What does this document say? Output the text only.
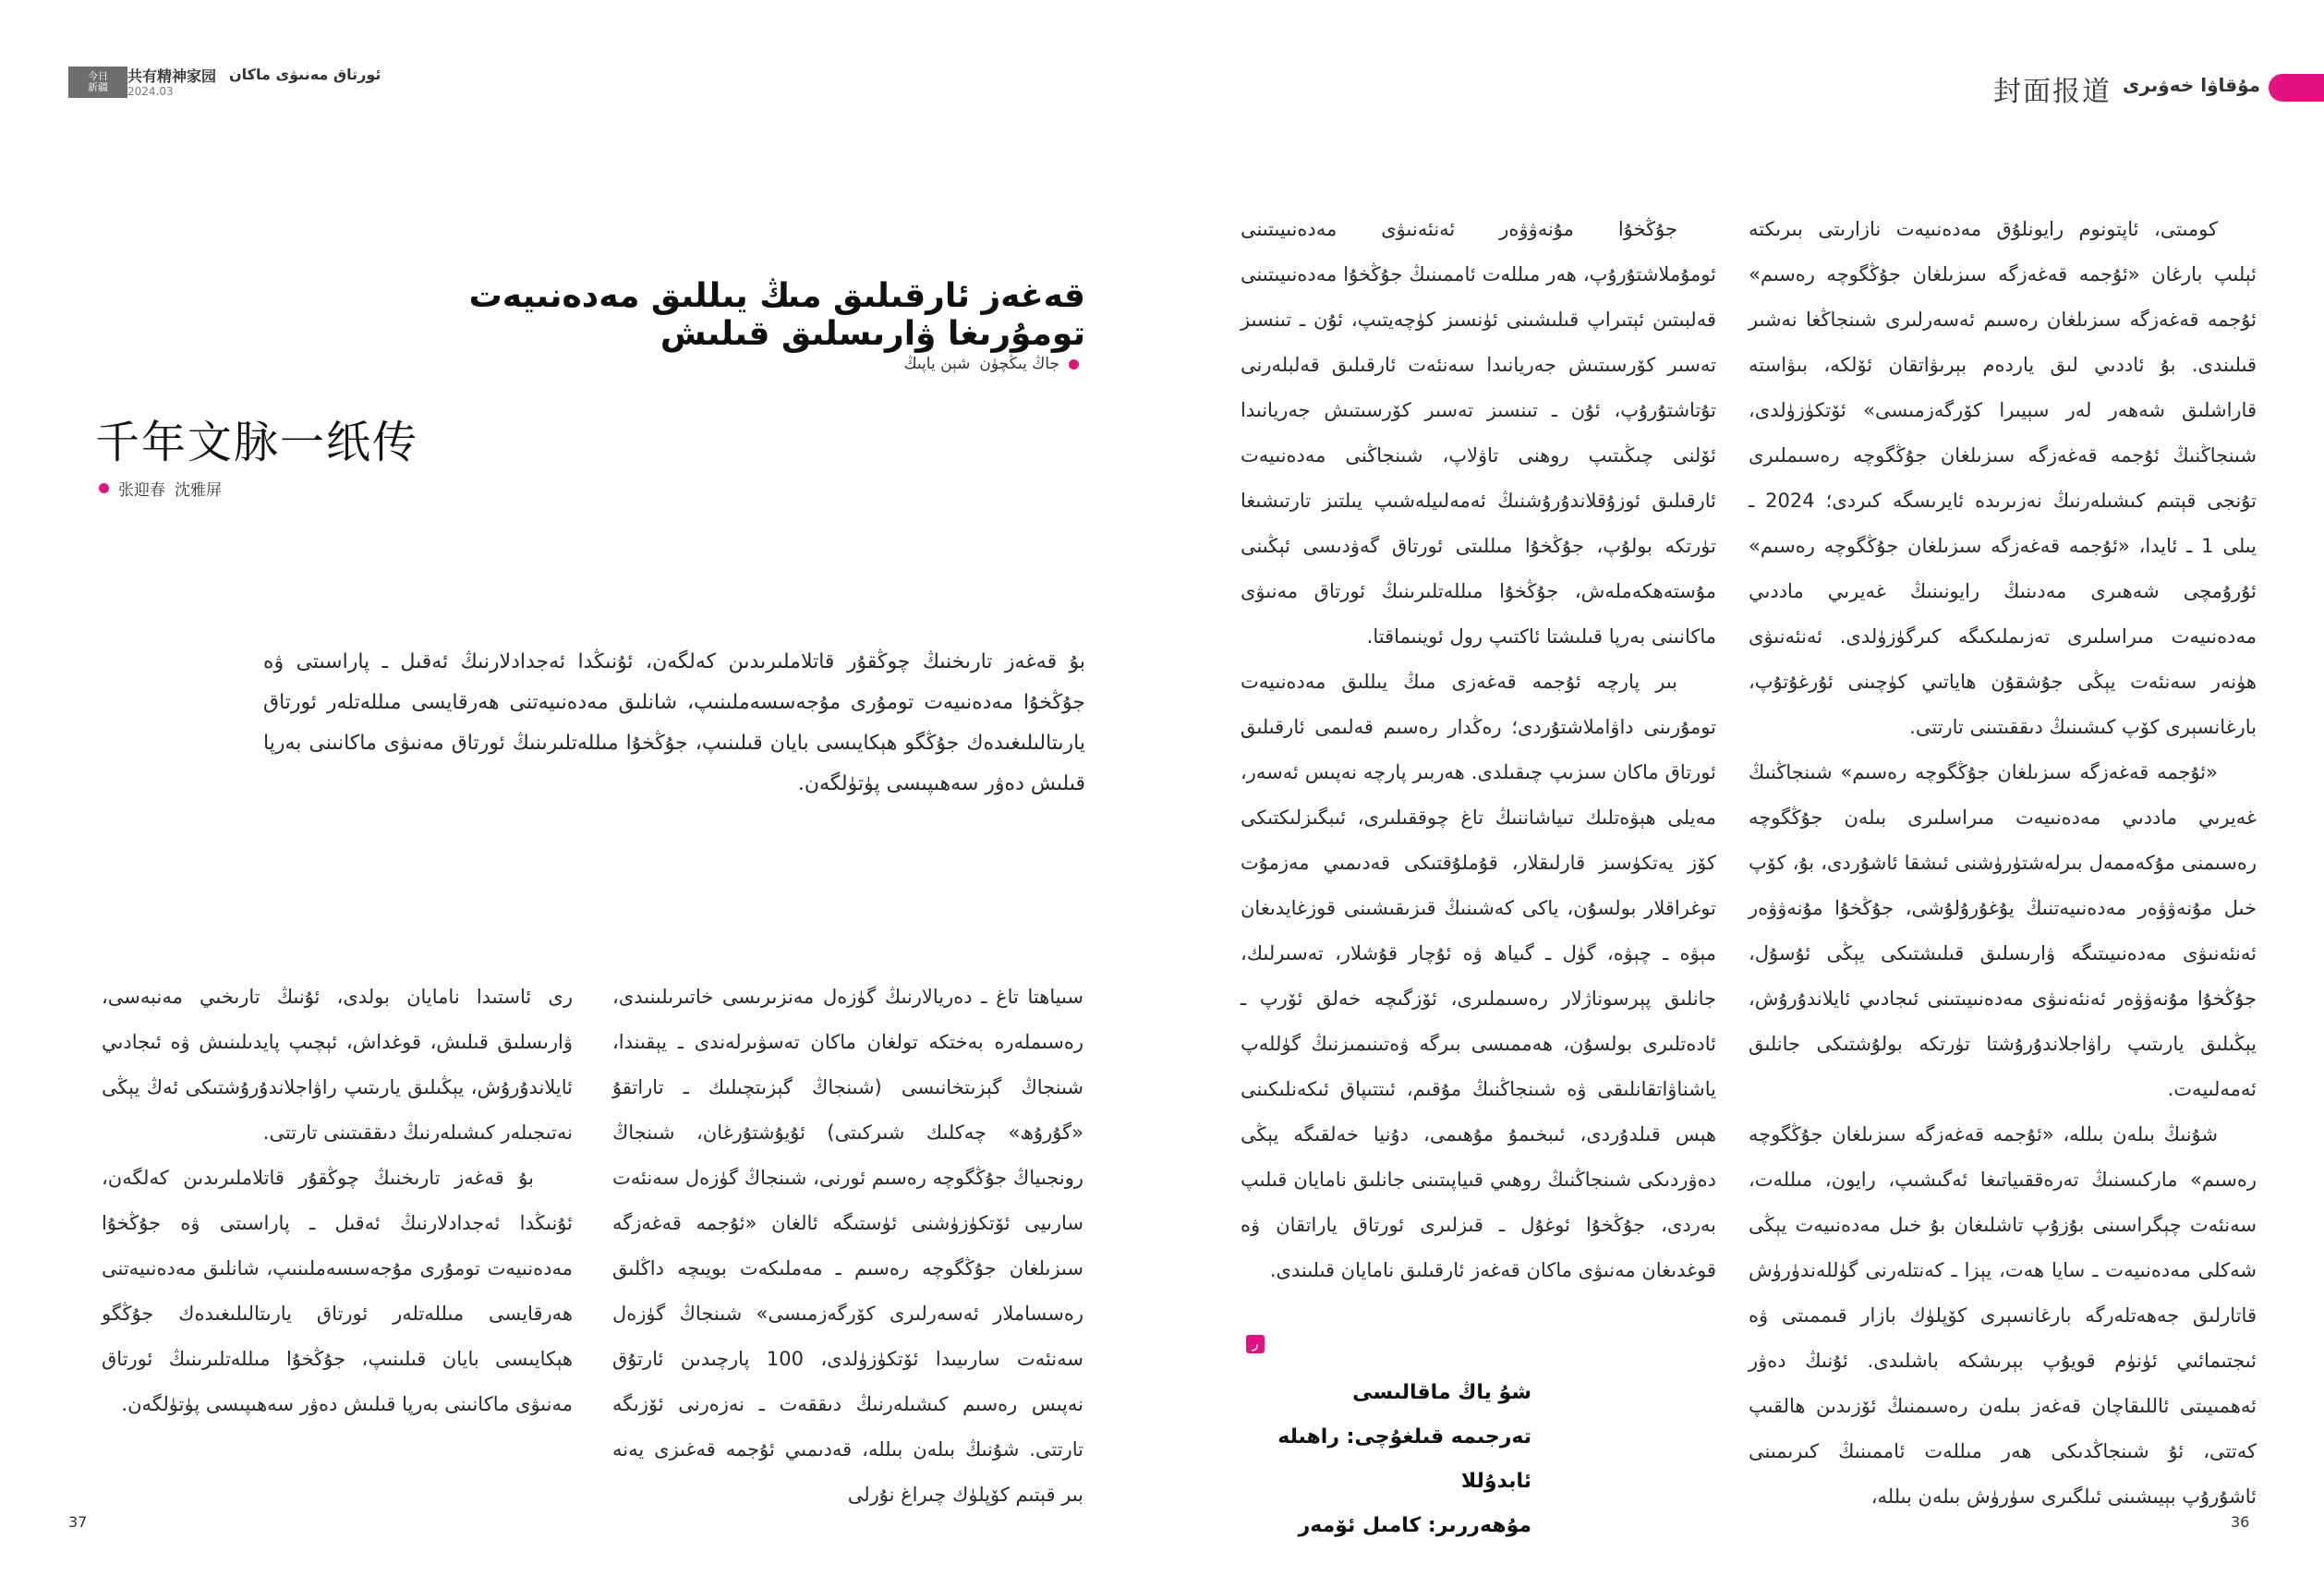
今日
新疆
共有精神家园
2024.03
ئورتاق مەنىۋى ماكان
封面报道 مۇقاۋا خەۋىرى
قەغەز ئارقىلىق مىڭ يىللىق مەدەنىيەت تومۇرىغا ۋارىسلىق قىلىش
جاڭ يىڭچۈن
شېن ياپىڭ
千年文脉一纸传
张迎春 沈雅屏
بۇ قەغەز تارىخنىڭ چوڭقۇر قاتلاملىرىدىن كەلگەن، ئۇنىڭدا ئەجدادلارنىڭ ئەقىل ـ پاراسىتى ۋە جۇڭخۇا مەدەنىيەت تومۇرى مۇجەسسەملىنىپ، شانلىق مەدەنىيەتنى ھەرقايسى مىللەتلەر ئورتاق يارىتالىلىغىدەك جۇڭگو ھېكايىسى بايان قىلىنىپ، جۇڭخۇا مىللەتلىرىنىڭ ئورتاق مەنىۋى ماكانىنى بەرپا قىلىش دەۋر سەھىپىسى پۈتۈلگەن.

كومىتى، ئاپتونوم رايونلۇق مەدەنىيەت نازارىتى بىرىكتە ئېلىپ بارغان «ئۇجمە قەغەزگە سىزىلغان جۇڭگوچە رەسىم» ئۇجمە قەغەزگە سىزىلغان رەسىم ئەسەرلىرى شىنجاڭغا نەشىر قىلىندى. بۇ ئاددىي لىق ياردەم بېرىۋاتقان ئۆلكە، بىۋاستە قاراشلىق شەھەر لەر سېيىرا كۆرگەزمىسى» ئۆتكۈزۈلدى، شىنجاڭنىڭ ئۇجمە قەغەزگە سىزىلغان جۇڭگوچە رەسىملىرى تۇنجى قېتىم كىشىلەرنىڭ نەزىرىدە ئايرىسگە كىردى؛ 2024 ـ يىلى 1 ـ ئايدا، «ئۇجمە قەغەزگە سىزىلغان جۇڭگوچە رەسىم» ئۇرۇمچى شەھىرى مەدىنىڭ رايونىنىڭ غەيرىي ماددىي مەدەنىيەت مىراسلىرى تەزىملىكىگە كىرگۈزۈلدى. ئەنئەنىۋى ھۈنەر سەنئەت يېڭى جۇشقۇن ھاياتىي كۈچىنى ئۇرغۇتۇپ، بارغانسېرى كۆپ كىشىنىڭ دىققىتىنى تارتتى.

«ئۇجمە قەغەزگە سىزىلغان جۇڭگوچە رەسىم» شىنجاڭنىڭ غەيرىي ماددىي مەدەنىيەت مىراسلىرى بىلەن جۇڭگوچە رەسىمنى مۇكەممەل بىرلەشتۈرۈشنى ئىشقا ئاشۇردى، بۇ، كۆپ خىل مۇنەۋۋەر مەدەنىيەتنىڭ يۇغۇرۇلۇشى، جۇڭخۇا مۇنەۋۋەر ئەنئەنىۋى مەدەنىيىتىگە ۋارىسلىق قىلىشتىكى يېڭى ئۇسۇل، جۇڭخۇا مۇنەۋۋەر ئەنئەنىۋى مەدەنىيىتىنى ئىجادىي ئايلاندۇرۇش، يېڭىلىق يارىتىپ راۋاجلاندۇرۇشتا تۈرتكە بولۇشتىكى جانلىق ئەمەلىيەت.

شۇنىڭ بىلەن بىللە، «ئۇجمە قەغەزگە سىزىلغان جۇڭگوچە رەسىم» ماركىسنىڭ تەرەققىياتىغا ئەگىشىپ، رايون، مىللەت، سەنئەت چېگراسىنى بۇزۇپ تاشلىغان بۇ خىل مەدەنىيەت يېڭى شەكلى مەدەنىيەت ـ سايا ھەت، يېزا ـ كەنتلەرنى گۈللەندۈرۈش قاتارلىق جەھەتلەرگە بارغانسېرى كۆپلۈك بازار قىممىتى ۋە ئىجتىمائىي ئۈنۈم قويۇپ بېرىشكە باشلىدى. ئۇنىڭ دەۋر ئەھمىيىتى ئاللىقاچان قەغەز بىلەن رەسىمنىڭ ئۆزىدىن ھالقىپ كەتتى، ئۇ شىنجاڭدىكى ھەر مىللەت ئاممىنىڭ كىرىمىنى ئاشۇرۇپ بېيىشىنى ئىلگىرى سۈرۈش بىلەن بىللە،

جۇڭخۇا مۇنەۋۋەر ئەنئەنىۋى مەدەنىيىتىنى ئومۇملاشتۇرۇپ، ھەر مىللەت ئاممىنىڭ جۇڭخۇا مەدەنىيىتىنى قەلبىتىن ئېتىراپ قىلىشىنى ئۈنسىز كۈچەيتىپ، ئۇن ـ تىنسىز تەسىر كۆرسىتىش جەريانىدا سەنئەت ئارقىلىق قەلبلەرنى تۇتاشتۇرۇپ، ئۇن ـ تىنسىز تەسىر كۆرسىتىش جەريانىدا ئۆلنى چىڭىتىپ روھنى تاۋلاپ، شىنجاڭنى مەدەنىيەت ئارقىلىق ئوزۇقلاندۇرۇشنىڭ ئەمەلىيلەشىپ يىلتىز تارتىشىغا تۈرتكە بولۇپ، جۇڭخۇا مىللىتى ئورتاق گەۋدىسى ئېڭىنى مۇستەھكەملەش، جۇڭخۇا مىللەتلىرىنىڭ ئورتاق مەنىۋى ماكانىنى بەرپا قىلىشتا ئاكتىپ رول ئوينىماقتا.

بىر پارچە ئۇجمە قەغەزى مىڭ يىللىق مەدەنىيەت تومۇرىنى داۋاملاشتۇردى؛ رەڭدار رەسىم قەلىمى ئارقىلىق ئورتاق ماكان سىزىپ چىقىلدى. ھەربىر پارچە نەپىس ئەسەر، مەيلى ھېۋەتلىك تىياشاننىڭ تاغ چوققىلىرى، ئىبگىزلىكتىكى كۆز يەتكۈسىز قارلىقلار، قۇملۇقتىكى قەدىمىي مەزمۇت توغراقلار بولسۇن، ياكى كەشىنىڭ قىزىقىشىنى قوزغايدىغان مېۋە ـ چېۋە، گۈل ـ گىياھ ۋە ئۇچار قۇشلار، تەسىرلىك، جانلىق پېرسوناژلار رەسىملىرى، ئۆزگىچە خەلق ئۆرپ ـ ئادەتلىرى بولسۇن، ھەممىسى بىرگە ۋەتىنىمىزنىڭ گۈللەپ ياشناۋاتقانلىقى ۋە شىنجاڭنىڭ مۇقىم، ئىتتىپاق ئىكەنلىكىنى ھېس قىلدۇردى، ئىبخىمۇ مۇھىمى، دۇنيا خەلقىگە يېڭى دەۋردىكى شىنجاڭنىڭ روھىي قىياپىتىنى جانلىق نامايان قىلىپ بەردى، جۇڭخۇا ئوغۇل ـ قىزلىرى ئورتاق ياراتقان ۋە قوغدىغان مەنىۋى ماكان قەغەز ئارقىلىق نامايان قىلىندى.

ر
شۇ ياڭ ماقالىسى
تەرجىمە قىلغۇچى: راھىلە ئابدۇللا
مۇھەررىر: كامىل ئۆمەر

سىياھتا تاغ ـ دەريالارنىڭ گۈزەل مەنزىرىسى خاتىرىلىنىدى، رەسىملەرە بەختكە تولغان ماكان تەسۋىرلەندى ـ يېقىندا، شىنجاڭ گېزىتخانىسى (شىنجاڭ گېزىتچىلىك ـ تاراتقۇ «گۇرۇھ» چەكلىك شىركىتى) ئۇيۇشتۇرغان، شىنجاڭ رونجىياڭ جۇڭگوچە رەسىم ئورنى، شىنجاڭ گۈزەل سەنئەت سارىيى ئۆتكۈزۈشنى ئۈستىگە ئالغان «ئۇجمە قەغەزگە سىزىلغان جۇڭگوچە رەسىم ـ مەملىكەت بويىچە داڭلىق رەسساملار ئەسەرلىرى كۆرگەزمىسى» شىنجاڭ گۈزەل سەنئەت سارىيىدا ئۆتكۈزۈلدى، 100 پارچىدىن ئارتۇق نەپىس رەسىم كىشىلەرنىڭ دىققەت ـ نەزەرنى ئۆزىگە تارتتى. شۇنىڭ بىلەن بىللە، قەدىمىي ئۇجمە قەغىزى يەنە بىر قېتىم كۆپلۈك چىراغ نۇرلى

رى ئاستىدا نامايان بولدى، ئۇنىڭ تارىخىي مەنبەسى، ۋارىسلىق قىلىش، قوغداش، ئېچىپ پايدىلىنىش ۋە ئىجادىي ئايلاندۇرۇش، يېڭىلىق يارىتىپ راۋاجلاندۇرۇشتىكى ئەڭ يېڭى نەتىجىلەر كىشىلەرنىڭ دىققىتىنى تارتتى.

بۇ قەغەز تارىخنىڭ چوڭقۇر قاتلاملىرىدىن كەلگەن، ئۇنىڭدا ئەجدادلارنىڭ ئەقىل ـ پاراسىتى ۋە جۇڭخۇا مەدەنىيەت تومۇرى مۇجەسسەملىنىپ، شانلىق مەدەنىيەتنى ھەرقايسى مىللەتلەر ئورتاق يارىتالىلىغىدەك جۇڭگو ھېكايىسى بايان قىلىنىپ، جۇڭخۇا مىللەتلىرىنىڭ ئورتاق مەنىۋى ماكانىنى بەرپا قىلىش دەۋر سەھىپىسى پۈتۈلگەن.

37	36
